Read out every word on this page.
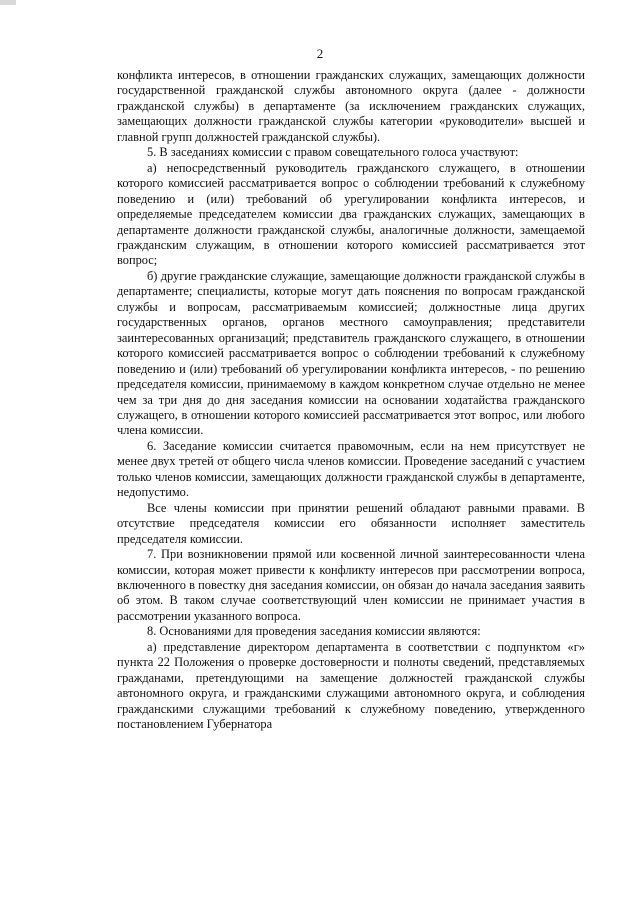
2

конфликта интересов, в отношении гражданских служащих, замещающих должности государственной гражданской службы автономного округа (далее - должности гражданской службы) в департаменте (за исключением гражданских служащих, замещающих должности гражданской службы категории «руководители» высшей и главной групп должностей гражданской службы).

5. В заседаниях комиссии с правом совещательного голоса участвуют:

а) непосредственный руководитель гражданского служащего, в отношении которого комиссией рассматривается вопрос о соблюдении требований к служебному поведению и (или) требований об урегулировании конфликта интересов, и определяемые председателем комиссии два гражданских служащих, замещающих в департаменте должности гражданской службы, аналогичные должности, замещаемой гражданским служащим, в отношении которого комиссией рассматривается этот вопрос;

б) другие гражданские служащие, замещающие должности гражданской службы в департаменте; специалисты, которые могут дать пояснения по вопросам гражданской службы и вопросам, рассматриваемым комиссией; должностные лица других государственных органов, органов местного самоуправления; представители заинтересованных организаций; представитель гражданского служащего, в отношении которого комиссией рассматривается вопрос о соблюдении требований к служебному поведению и (или) требований об урегулировании конфликта интересов, - по решению председателя комиссии, принимаемому в каждом конкретном случае отдельно не менее чем за три дня до дня заседания комиссии на основании ходатайства гражданского служащего, в отношении которого комиссией рассматривается этот вопрос, или любого члена комиссии.

6. Заседание комиссии считается правомочным, если на нем присутствует не менее двух третей от общего числа членов комиссии. Проведение заседаний с участием только членов комиссии, замещающих должности гражданской службы в департаменте, недопустимо.

Все члены комиссии при принятии решений обладают равными правами. В отсутствие председателя комиссии его обязанности исполняет заместитель председателя комиссии.

7. При возникновении прямой или косвенной личной заинтересованности члена комиссии, которая может привести к конфликту интересов при рассмотрении вопроса, включенного в повестку дня заседания комиссии, он обязан до начала заседания заявить об этом. В таком случае соответствующий член комиссии не принимает участия в рассмотрении указанного вопроса.

8. Основаниями для проведения заседания комиссии являются:

а) представление директором департамента в соответствии с подпунктом «г» пункта 22 Положения о проверке достоверности и полноты сведений, представляемых гражданами, претендующими на замещение должностей гражданской службы автономного округа, и гражданскими служащими автономного округа, и соблюдения гражданскими служащими требований к служебному поведению, утвержденного постановлением Губернатора
